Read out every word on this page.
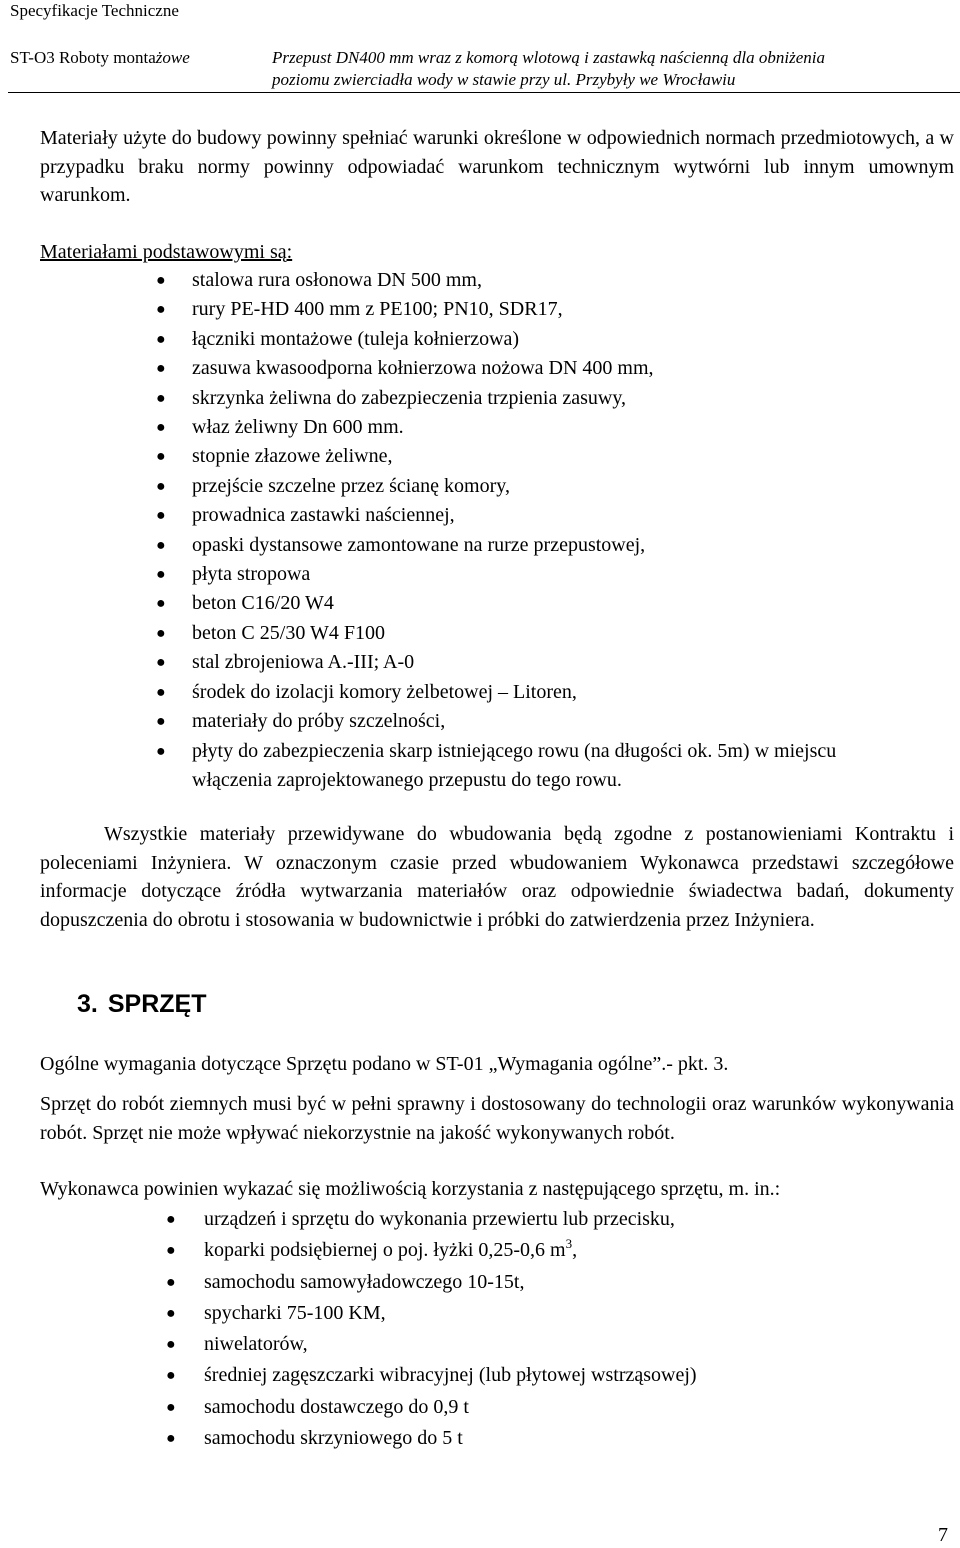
Specyfikacje Techniczne
ST-O3 Roboty montażowe	Przepust DN400 mm wraz z komorą wlotową i zastawką naścienną dla obniżenia
poziomu zwierciadła wody w stawie przy ul. Przybyły we Wrocławiu
Materiały użyte do budowy powinny spełniać warunki określone w odpowiednich normach przedmiotowych, a w przypadku braku normy powinny odpowiadać warunkom technicznym wytwórni lub innym umownym warunkom.
Materiałami podstawowymi są:
● stalowa rura osłonowa DN 500 mm,
● rury PE-HD 400 mm z PE100; PN10, SDR17,
● łączniki montażowe (tuleja kołnierzowa)
● zasuwa kwasoodporna kołnierzowa nożowa DN 400 mm,
● skrzynka żeliwna do zabezpieczenia trzpienia zasuwy,
● właz żeliwny Dn 600 mm.
● stopnie złazowe żeliwne,
● przejście szczelne przez ścianę komory,
● prowadnica zastawki naściennej,
● opaski dystansowe zamontowane na rurze przepustowej,
● płyta stropowa
● beton C16/20 W4
● beton C 25/30 W4 F100
● stal zbrojeniowa A.-III; A-0
● środek do izolacji komory żelbetowej – Litoren,
● materiały do próby szczelności,
● płyty do zabezpieczenia skarp istniejącego rowu (na długości ok. 5m) w miejscu włączenia zaprojektowanego przepustu do tego rowu.
Wszystkie materiały przewidywane do wbudowania będą zgodne z postanowieniami Kontraktu i poleceniami Inżyniera. W oznaczonym czasie przed wbudowaniem Wykonawca przedstawi szczegółowe informacje dotyczące źródła wytwarzania materiałów oraz odpowiednie świadectwa badań, dokumenty dopuszczenia do obrotu i stosowania w budownictwie i próbki do zatwierdzenia przez Inżyniera.
3. SPRZĘT
Ogólne wymagania dotyczące Sprzętu podano w ST-01 „Wymagania ogólne”.- pkt. 3.
Sprzęt do robót ziemnych musi być w pełni sprawny i dostosowany do technologii oraz warunków wykonywania robót. Sprzęt nie może wpływać niekorzystnie na jakość wykonywanych robót.
Wykonawca powinien wykazać się możliwością korzystania z następującego sprzętu, m. in.:
● urządzeń i sprzętu do wykonania przewiertu lub przecisku,
● koparki podsiębiernej o poj. łyżki 0,25-0,6 $m^3$,
● samochodu samowyładowczego 10-15t,
● spycharki 75-100 KM,
● niwelatorów,
● średniej zagęszczarki wibracyjnej (lub płytowej wstrząsowej)
● samochodu dostawczego do 0,9 t
● samochodu skrzyniowego do 5 t
7
